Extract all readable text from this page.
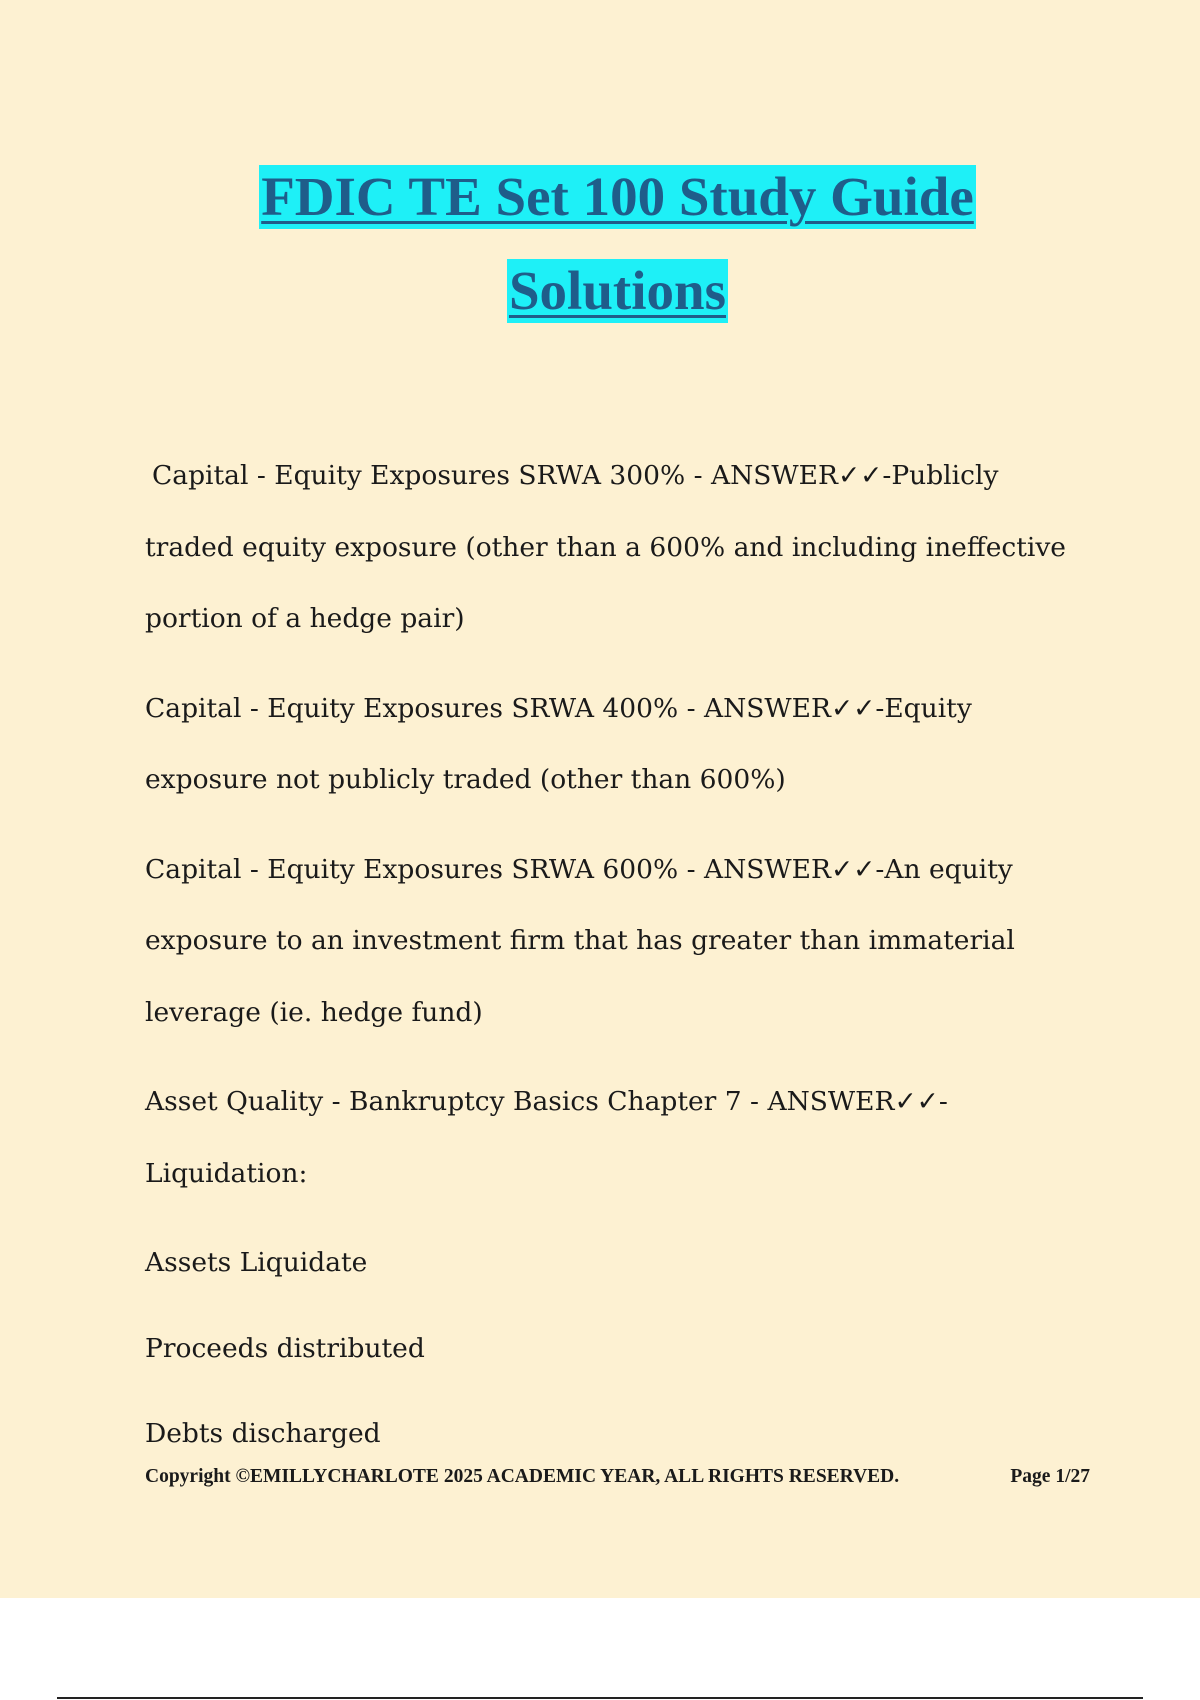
FDIC TE Set 100 Study Guide
Solutions

Capital - Equity Exposures SRWA 300% - ANSWER✓✓-Publicly traded equity exposure (other than a 600% and including ineffective portion of a hedge pair)

Capital - Equity Exposures SRWA 400% - ANSWER✓✓-Equity exposure not publicly traded (other than 600%)

Capital - Equity Exposures SRWA 600% - ANSWER✓✓-An equity exposure to an investment firm that has greater than immaterial leverage (ie. hedge fund)

Asset Quality - Bankruptcy Basics Chapter 7 - ANSWER✓✓-Liquidation:

Assets Liquidate

Proceeds distributed

Debts discharged

Copyright ©EMILLYCHARLOTE 2025 ACADEMIC YEAR, ALL RIGHTS RESERVED.	Page 1/27
